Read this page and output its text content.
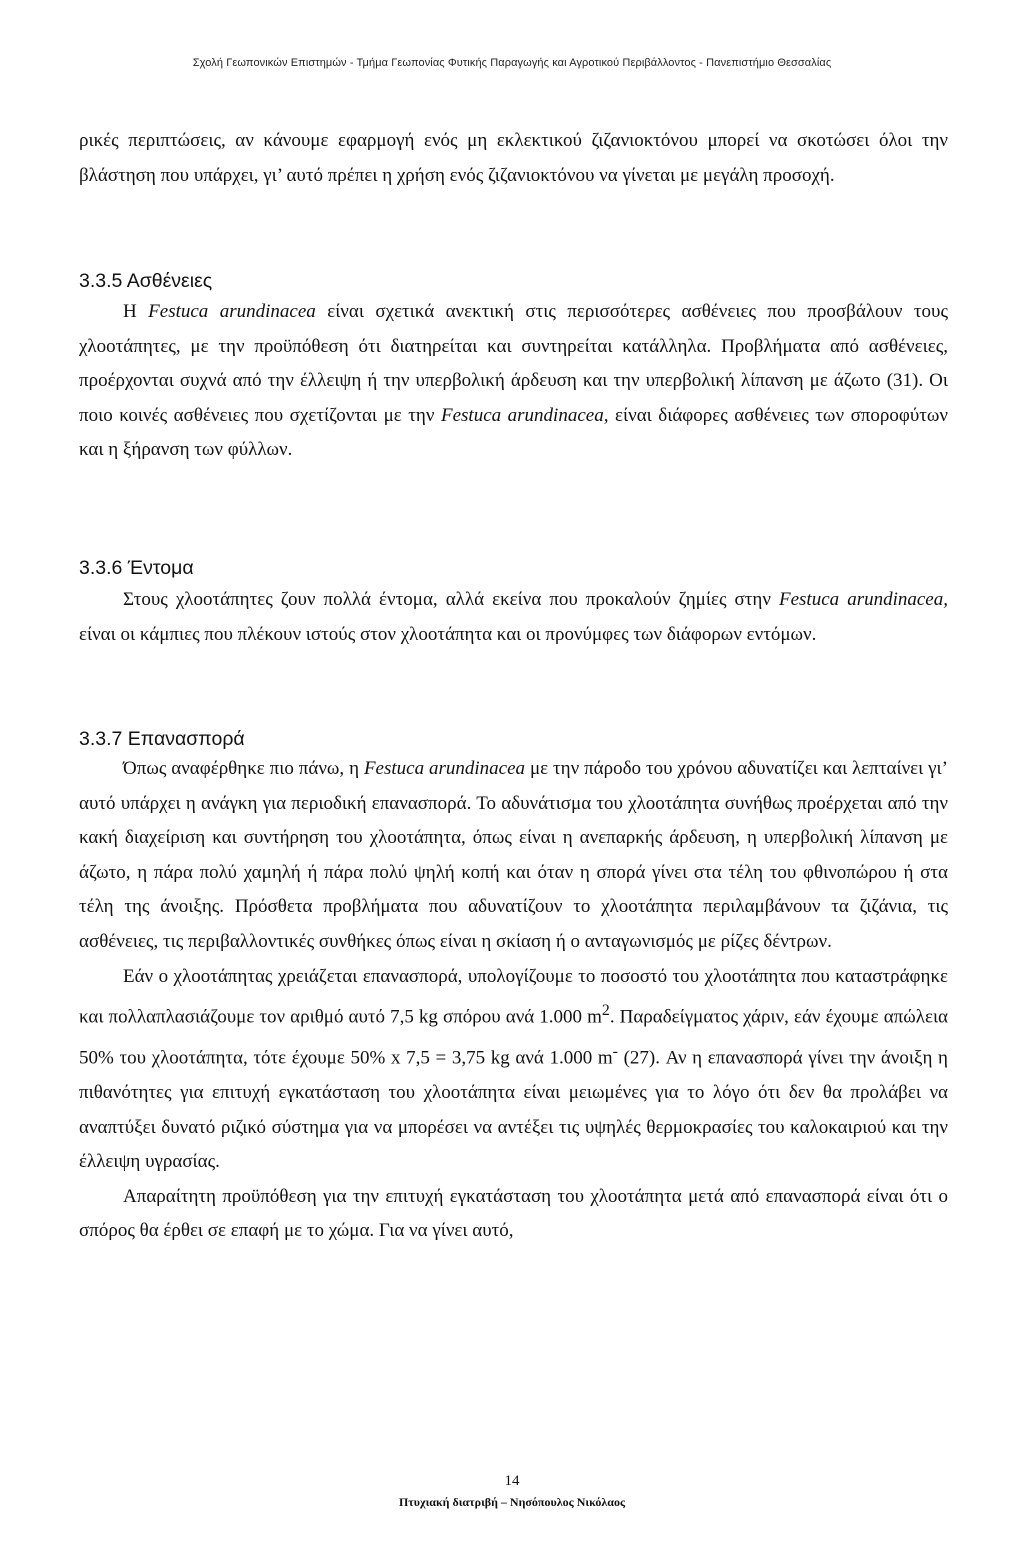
Σχολή Γεωπονικών Επιστημών - Τμήμα Γεωπονίας Φυτικής Παραγωγής και Αγροτικού Περιβάλλοντος - Πανεπιστήμιο Θεσσαλίας

ρικές περιπτώσεις, αν κάνουμε εφαρμογή ενός μη εκλεκτικού ζιζανιοκτόνου μπορεί να σκοτώσει όλοι την βλάστηση που υπάρχει, γι’ αυτό πρέπει η χρήση ενός ζιζανιοκτόνου να γίνεται με μεγάλη προσοχή.

3.3.5 Ασθένειες

Η Festuca arundinacea είναι σχετικά ανεκτική στις περισσότερες ασθένειες που προσβάλουν τους χλοοτάπητες, με την προϋπόθεση ότι διατηρείται και συντηρείται κατάλληλα. Προβλήματα από ασθένειες, προέρχονται συχνά από την έλλειψη ή την υπερβολική άρδευση και την υπερβολική λίπανση με άζωτο (31). Οι ποιο κοινές ασθένειες που σχετίζονται με την Festuca arundinacea, είναι διάφορες ασθένειες των σποροφύτων και η ξήρανση των φύλλων.

3.3.6 Έντομα

Στους χλοοτάπητες ζουν πολλά έντομα, αλλά εκείνα που προκαλούν ζημίες στην Festuca arundinacea, είναι οι κάμπιες που πλέκουν ιστούς στον χλοοτάπητα και οι προνύμφες των διάφορων εντόμων.

3.3.7 Επανασπορά

Όπως αναφέρθηκε πιο πάνω, η Festuca arundinacea με την πάροδο του χρόνου αδυνατίζει και λεπταίνει γι’ αυτό υπάρχει η ανάγκη για περιοδική επανασπορά. Το αδυνάτισμα του χλοοτάπητα συνήθως προέρχεται από την κακή διαχείριση και συντήρηση του χλοοτάπητα, όπως είναι η ανεπαρκής άρδευση, η υπερβολική λίπανση με άζωτο, η πάρα πολύ χαμηλή ή πάρα πολύ ψηλή κοπή και όταν η σπορά γίνει στα τέλη του φθινοπώρου ή στα τέλη της άνοιξης. Πρόσθετα προβλήματα που αδυνατίζουν το χλοοτάπητα περιλαμβάνουν τα ζιζάνια, τις ασθένειες, τις περιβαλλοντικές συνθήκες όπως είναι η σκίαση ή ο ανταγωνισμός με ρίζες δέντρων.

Εάν ο χλοοτάπητας χρειάζεται επανασπορά, υπολογίζουμε το ποσοστό του χλοοτάπητα που καταστράφηκε και πολλαπλασιάζουμε τον αριθμό αυτό 7,5 kg σπόρου ανά 1.000 $m^2$. Παραδείγματος χάριν, εάν έχουμε απώλεια 50% του χλοοτάπητα, τότε έχουμε 50% x 7,5 = 3,75 kg ανά 1.000 m- (27). Αν η επανασπορά γίνει την άνοιξη η πιθανότητες για επιτυχή εγκατάσταση του χλοοτάπητα είναι μειωμένες για το λόγο ότι δεν θα προλάβει να αναπτύξει δυνατό ριζικό σύστημα για να μπορέσει να αντέξει τις υψηλές θερμοκρασίες του καλοκαιριού και την έλλειψη υγρασίας.

Απαραίτητη προϋπόθεση για την επιτυχή εγκατάσταση του χλοοτάπητα μετά από επανασπορά είναι ότι ο σπόρος θα έρθει σε επαφή με το χώμα. Για να γίνει αυτό,

14
Πτυχιακή διατριβή – Νησόπουλος Νικόλαος
